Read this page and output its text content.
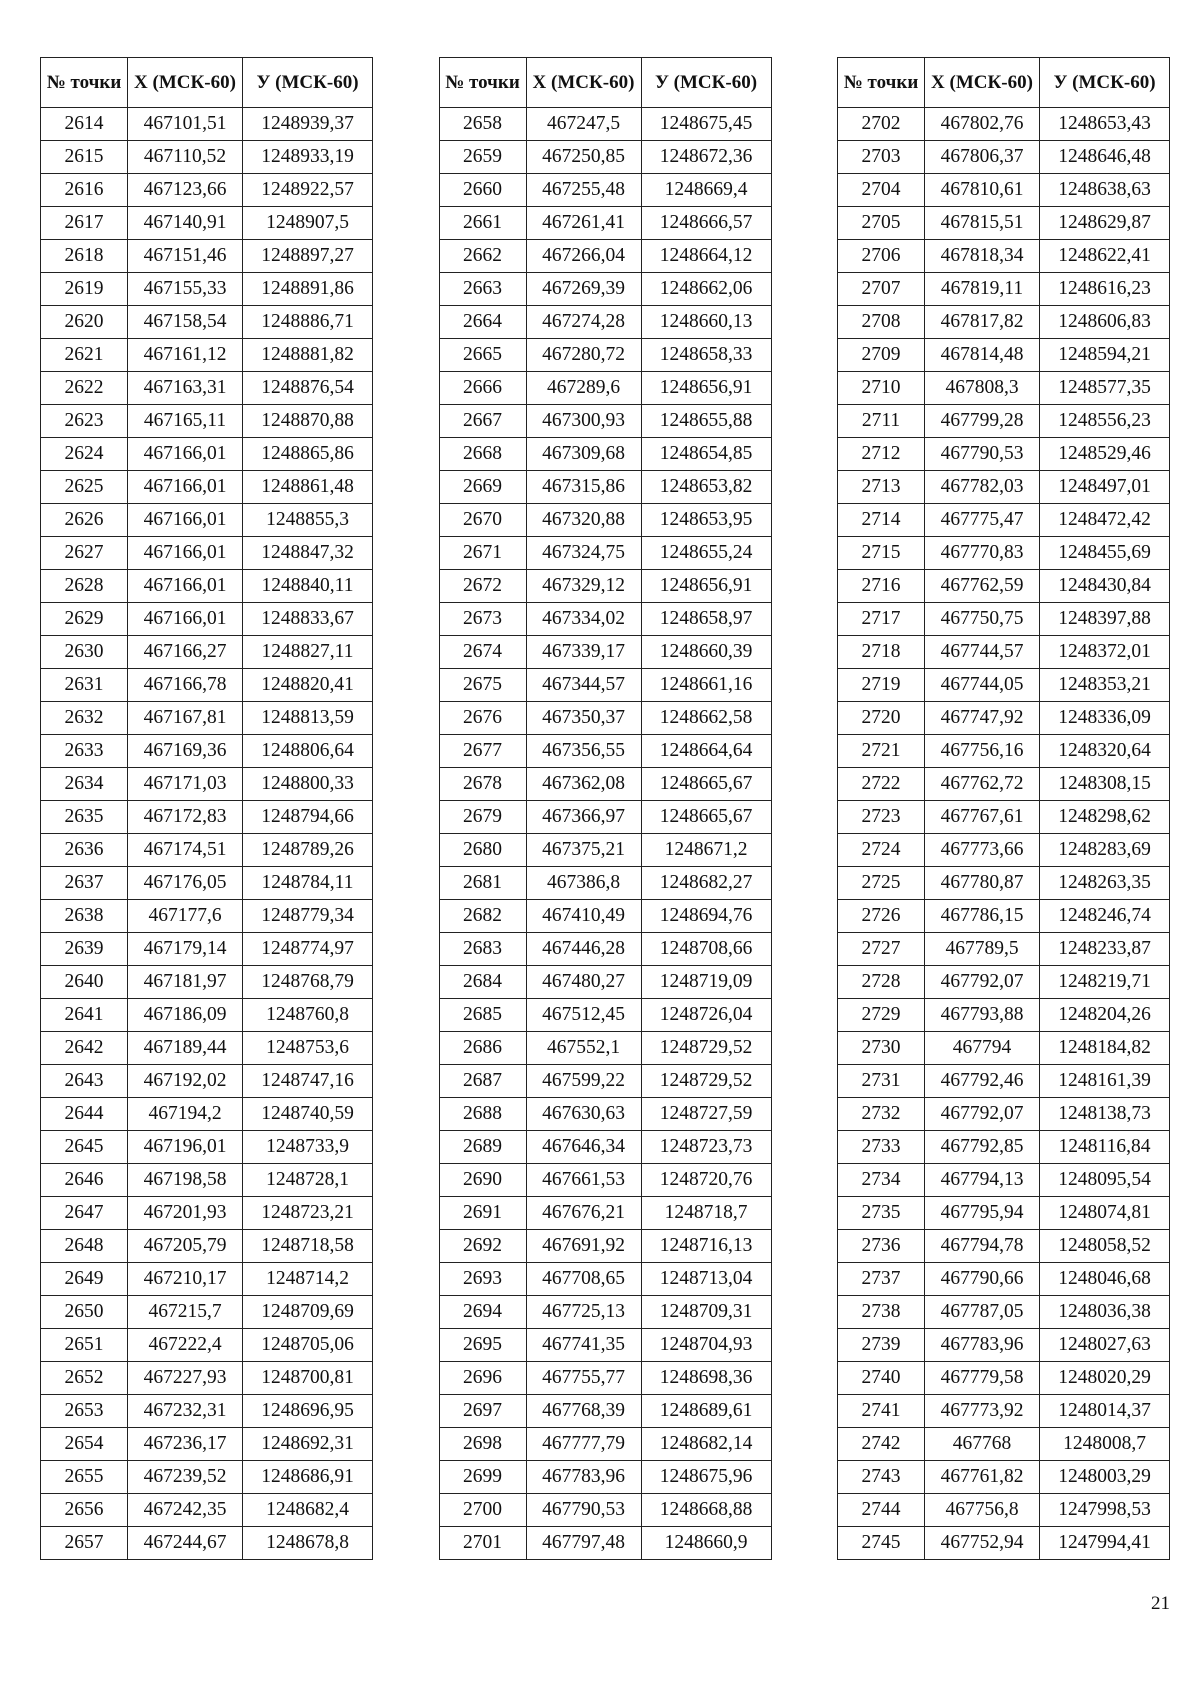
№ точки	Х (МСК-60)	У (МСК-60)
2614	467101,51	1248939,37
2615	467110,52	1248933,19
2616	467123,66	1248922,57
2617	467140,91	1248907,5
2618	467151,46	1248897,27
2619	467155,33	1248891,86
2620	467158,54	1248886,71
2621	467161,12	1248881,82
2622	467163,31	1248876,54
2623	467165,11	1248870,88
2624	467166,01	1248865,86
2625	467166,01	1248861,48
2626	467166,01	1248855,3
2627	467166,01	1248847,32
2628	467166,01	1248840,11
2629	467166,01	1248833,67
2630	467166,27	1248827,11
2631	467166,78	1248820,41
2632	467167,81	1248813,59
2633	467169,36	1248806,64
2634	467171,03	1248800,33
2635	467172,83	1248794,66
2636	467174,51	1248789,26
2637	467176,05	1248784,11
2638	467177,6	1248779,34
2639	467179,14	1248774,97
2640	467181,97	1248768,79
2641	467186,09	1248760,8
2642	467189,44	1248753,6
2643	467192,02	1248747,16
2644	467194,2	1248740,59
2645	467196,01	1248733,9
2646	467198,58	1248728,1
2647	467201,93	1248723,21
2648	467205,79	1248718,58
2649	467210,17	1248714,2
2650	467215,7	1248709,69
2651	467222,4	1248705,06
2652	467227,93	1248700,81
2653	467232,31	1248696,95
2654	467236,17	1248692,31
2655	467239,52	1248686,91
2656	467242,35	1248682,4
2657	467244,67	1248678,8
№ точки	Х (МСК-60)	У (МСК-60)
2658	467247,5	1248675,45
2659	467250,85	1248672,36
2660	467255,48	1248669,4
2661	467261,41	1248666,57
2662	467266,04	1248664,12
2663	467269,39	1248662,06
2664	467274,28	1248660,13
2665	467280,72	1248658,33
2666	467289,6	1248656,91
2667	467300,93	1248655,88
2668	467309,68	1248654,85
2669	467315,86	1248653,82
2670	467320,88	1248653,95
2671	467324,75	1248655,24
2672	467329,12	1248656,91
2673	467334,02	1248658,97
2674	467339,17	1248660,39
2675	467344,57	1248661,16
2676	467350,37	1248662,58
2677	467356,55	1248664,64
2678	467362,08	1248665,67
2679	467366,97	1248665,67
2680	467375,21	1248671,2
2681	467386,8	1248682,27
2682	467410,49	1248694,76
2683	467446,28	1248708,66
2684	467480,27	1248719,09
2685	467512,45	1248726,04
2686	467552,1	1248729,52
2687	467599,22	1248729,52
2688	467630,63	1248727,59
2689	467646,34	1248723,73
2690	467661,53	1248720,76
2691	467676,21	1248718,7
2692	467691,92	1248716,13
2693	467708,65	1248713,04
2694	467725,13	1248709,31
2695	467741,35	1248704,93
2696	467755,77	1248698,36
2697	467768,39	1248689,61
2698	467777,79	1248682,14
2699	467783,96	1248675,96
2700	467790,53	1248668,88
2701	467797,48	1248660,9
№ точки	Х (МСК-60)	У (МСК-60)
2702	467802,76	1248653,43
2703	467806,37	1248646,48
2704	467810,61	1248638,63
2705	467815,51	1248629,87
2706	467818,34	1248622,41
2707	467819,11	1248616,23
2708	467817,82	1248606,83
2709	467814,48	1248594,21
2710	467808,3	1248577,35
2711	467799,28	1248556,23
2712	467790,53	1248529,46
2713	467782,03	1248497,01
2714	467775,47	1248472,42
2715	467770,83	1248455,69
2716	467762,59	1248430,84
2717	467750,75	1248397,88
2718	467744,57	1248372,01
2719	467744,05	1248353,21
2720	467747,92	1248336,09
2721	467756,16	1248320,64
2722	467762,72	1248308,15
2723	467767,61	1248298,62
2724	467773,66	1248283,69
2725	467780,87	1248263,35
2726	467786,15	1248246,74
2727	467789,5	1248233,87
2728	467792,07	1248219,71
2729	467793,88	1248204,26
2730	467794	1248184,82
2731	467792,46	1248161,39
2732	467792,07	1248138,73
2733	467792,85	1248116,84
2734	467794,13	1248095,54
2735	467795,94	1248074,81
2736	467794,78	1248058,52
2737	467790,66	1248046,68
2738	467787,05	1248036,38
2739	467783,96	1248027,63
2740	467779,58	1248020,29
2741	467773,92	1248014,37
2742	467768	1248008,7
2743	467761,82	1248003,29
2744	467756,8	1247998,53
2745	467752,94	1247994,41
21
